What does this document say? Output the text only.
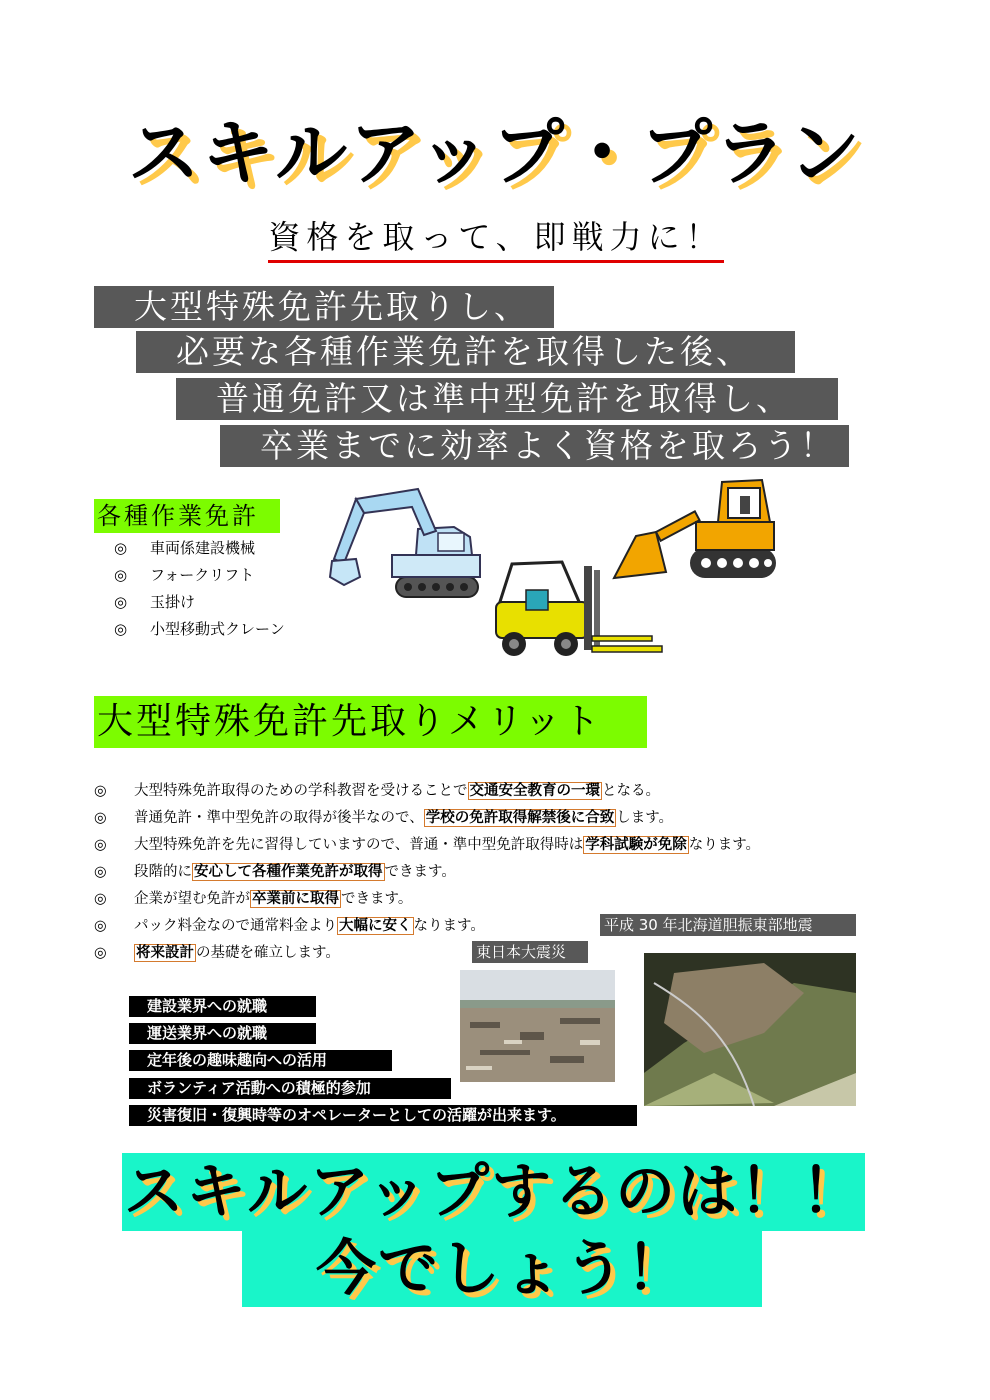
スキルアップ・プラン
資格を取って、即戦力に！
大型特殊免許先取りし、
必要な各種作業免許を取得した後、
普通免許又は準中型免許を取得し、
卒業までに効率よく資格を取ろう！
各種作業免許
◎ 車両係建設機械
◎ フォークリフト
◎ 玉掛け
◎ 小型移動式クレーン
大型特殊免許先取りメリット
◎ 大型特殊免許取得のための学科教習を受けることで 交通安全教育の一環 となる。
◎ 普通免許・準中型免許の取得が後半なので、 学校の免許取得解禁後に合致 します。
◎ 大型特殊免許を先に習得していますので、普通・準中型免許取得時は 学科試験が免除 なります。
◎ 段階的に 安心して各種作業免許が取得 できます。
◎ 企業が望む免許が 卒業前に取得 できます。
◎ パック料金なので通常料金より 大幅に安く なります。
◎ 将来設計 の基礎を確立します。
平成 30 年北海道胆振東部地震
東日本大震災
建設業界への就職
運送業界への就職
定年後の趣味趣向への活用
ボランティア活動への積極的参加
災害復旧・復興時等のオペレーターとしての活躍が出来ます。
スキルアップするのは！！
今でしょう！
